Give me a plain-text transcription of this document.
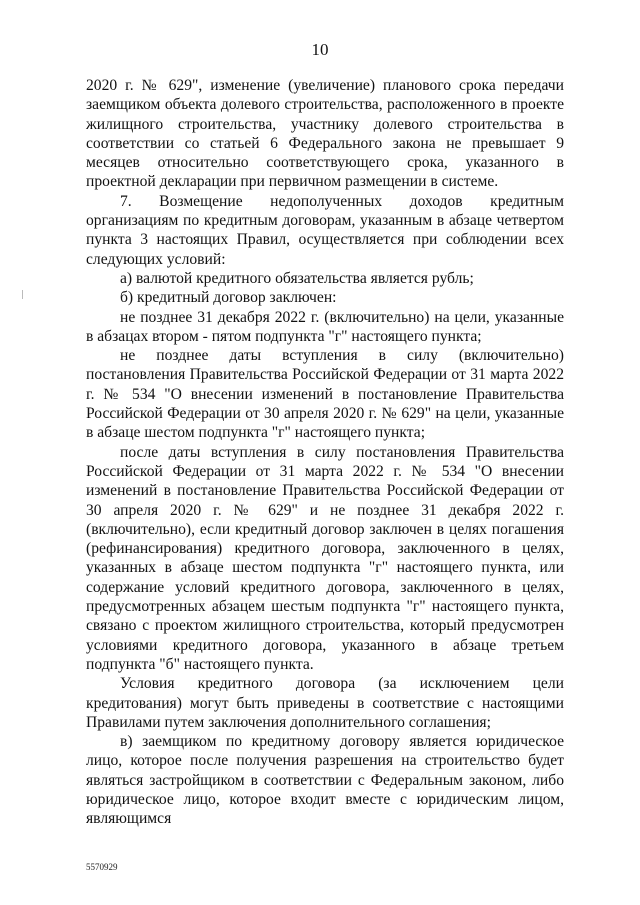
10

2020 г. № 629", изменение (увеличение) планового срока передачи заемщиком объекта долевого строительства, расположенного в проекте жилищного строительства, участнику долевого строительства в соответствии со статьей 6 Федерального закона не превышает 9 месяцев относительно соответствующего срока, указанного в проектной декларации при первичном размещении в системе.

7. Возмещение недополученных доходов кредитным организациям по кредитным договорам, указанным в абзаце четвертом пункта 3 настоящих Правил, осуществляется при соблюдении всех следующих условий:

а) валютой кредитного обязательства является рубль;

б) кредитный договор заключен:

не позднее 31 декабря 2022 г. (включительно) на цели, указанные в абзацах втором - пятом подпункта "г" настоящего пункта;

не позднее даты вступления в силу (включительно) постановления Правительства Российской Федерации от 31 марта 2022 г. № 534 "О внесении изменений в постановление Правительства Российской Федерации от 30 апреля 2020 г. № 629" на цели, указанные в абзаце шестом подпункта "г" настоящего пункта;

после даты вступления в силу постановления Правительства Российской Федерации от 31 марта 2022 г. № 534 "О внесении изменений в постановление Правительства Российской Федерации от 30 апреля 2020 г. № 629" и не позднее 31 декабря 2022 г. (включительно), если кредитный договор заключен в целях погашения (рефинансирования) кредитного договора, заключенного в целях, указанных в абзаце шестом подпункта "г" настоящего пункта, или содержание условий кредитного договора, заключенного в целях, предусмотренных абзацем шестым подпункта "г" настоящего пункта, связано с проектом жилищного строительства, который предусмотрен условиями кредитного договора, указанного в абзаце третьем подпункта "б" настоящего пункта.

Условия кредитного договора (за исключением цели кредитования) могут быть приведены в соответствие с настоящими Правилами путем заключения дополнительного соглашения;

в) заемщиком по кредитному договору является юридическое лицо, которое после получения разрешения на строительство будет являться застройщиком в соответствии с Федеральным законом, либо юридическое лицо, которое входит вместе с юридическим лицом, являющимся

5570929
